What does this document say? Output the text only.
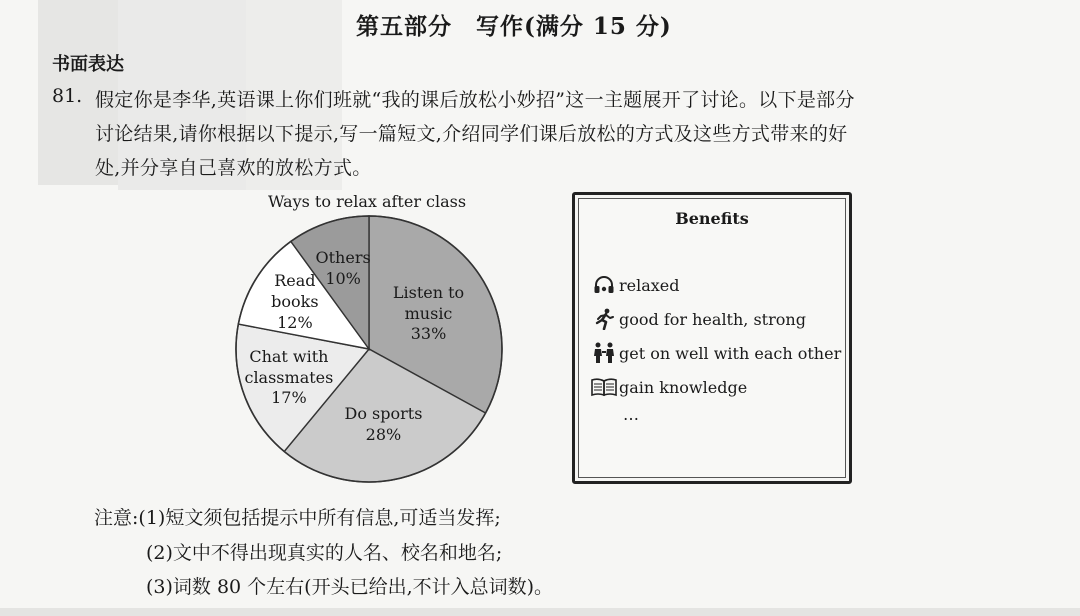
第五部分　写作(满分 15 分)
书面表达
81. 假定你是李华,英语课上你们班就“我的课后放松小妙招”这一主题展开了讨论。以下是部分
讨论结果,请你根据以下提示,写一篇短文,介绍同学们课后放松的方式及这些方式带来的好
处,并分享自己喜欢的放松方式。
Ways to relax after class
Listen to
music
33%
Do sports
28%
Chat with
classmates
17%
Read
books
12%
Others
10%
Benefits
relaxed
good for health, strong
get on well with each other
gain knowledge
…
注意:(1)短文须包括提示中所有信息,可适当发挥;
(2)文中不得出现真实的人名、校名和地名;
(3)词数 80 个左右(开头已给出,不计入总词数)。
